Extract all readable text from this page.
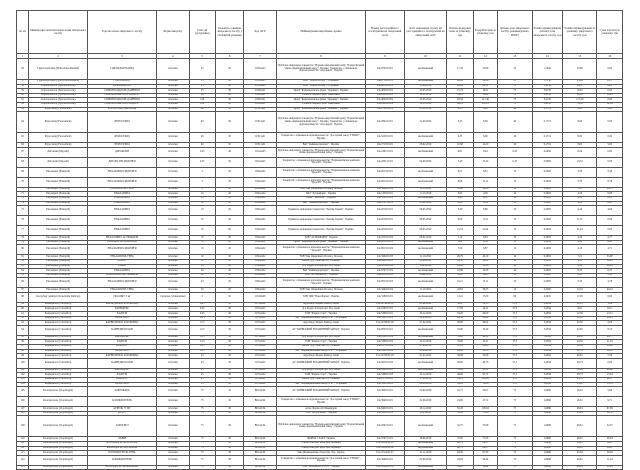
№ з/п	Міжнародна непатентована назва лікарського засобу	Торгова назва лікарського засобу	Форма випуску	Сила дії (дозування)	Кількість одиниць лікарського засобу у споживчій упаковці	Код АТХ	Найменування виробника, країна	Номер реєстраційного посвідчення на лікарський засіб	Дата закінчення строку дії реєстраційного посвідчення на лікарський засіб	Оптово-відпускна ціна за упаковку, грн	Роздрібна ціна за упаковку, грн	Добова доза лікарського засобу, рекомендована ВООЗ	Розмір відшкодування добової дози лікарського засобу, грн	Розмір відшкодування за упаковку лікарського засобу, грн	Сума доплати за упаковку, грн
1	2	3	4	5	6	7	8	9	10	11	12	13	14	15	16
56	Гідрохлортіазид (Hydrochlorothiazide)	ГІДРОХЛОРТІАЗИД	таблетки	25	20	C03AA03	Публічне акціонерне товариство "Науково-виробничий центр "Борщагівський хіміко-фармацевтичний завод", Україна; Товариство з обмеженою відповідальністю "Агрофарм", Україна	UA/6732/01/01	необмежений	17,59	23,69	25	1,1844	23,69	0,00
57	Гідрохлортіазид (Hydrochlorothiazide)	ГІПОТІАЗИД®	таблетки	25	20	C03AA03	ВАТ "Гедеон Ріхтер", Угорщина	UA/2756/01/01	необмежений	26,26	34,26	25	1,7130	23,69	10,57
58	Спіронолактон (Spironolactone)	ВЕРОШПІРОН	таблетки	25	20	C03DA01	ВАТ "Гедеон Ріхтер", Угорщина	UA/6858/01/01	15.06.2019	20,84	26,11	75	3,9158	26,11	0,00
59	Спіронолактон (Spironolactone)	СПІРОНОЛАКТОН-ДАРНИЦЯ	таблетки	25	30	C03DA01	ПрАТ "Фармацевтична фірма "Дарниця", Україна	UA/4094/01/01	20.05.2019	15,76	19,91	75	3,9158	19,91	0,00
60	Спіронолактон (Spironolactone)	СПІРОНОЛАКТОН САНДОЗ®	таблетки	50	20	C03DA01	Салютас Фарма ГмбХ, Німеччина	UA/2928/01/01	12.11.2019	55,61	70,09	75	3,9158	39,16	30,93
61	Спіронолактон (Spironolactone)	СПІРОНОЛАКТОН-ДАРНИЦЯ	таблетки	100	30	C03DA01	ПрАТ "Фармацевтична фірма "Дарниця", Україна	UA/4094/01/02	20.05.2019	93,56	117,40	75	3,9158	117,40	0,00
62	Спіронолактон (Spironolactone)	СПІРОНОЛАКТОН САНДОЗ®	таблетки	100	20	C03DA01	Салютас Фарма ГмбХ, Німеччина	UA/2928/01/02	12.11.2019	89,16	111,21	75	3,9158	78,32	32,89
63	Фуросемід (Furosemide)	ФУРОСЕМІД-ДАРНИЦЯ	таблетки	40	50	C03CA01	ПрАТ "Фармацевтична фірма "Дарниця", Україна	UA/2709/01/01	23.12.2019	6,35	8,00	40	0,1719	8,00	0,00
64	Фуросемід (Furosemide)	ФУРОСЕМІД	таблетки	40	50	C03CA01	Публічне акціонерне товариство "Науково-виробничий центр "Борщагівський хіміко-фармацевтичний завод", Україна; Товариство з обмеженою відповідальністю "Агрофарм", Україна	UA/2992/01/01	21.09.2020	6,35	8,00	40	0,1719	8,00	0,00
65	Фуросемід (Furosemide)	ФУРОСЕМІД	таблетки	40	50	C03CA01	Товариство з обмеженою відповідальністю "Дослідний завод "ГНЦЛС", Україна	UA/5250/01/01	необмежений	6,35	8,00	40	0,1719	8,00	0,00
66	Фуросемід (Furosemide)	ФУРОСЕМІД	таблетки	40	50	C03CA01	ВАТ "Київмедпрепарат", Україна	UA/2710/01/01	26.02.2019	10,68	14,20	40	0,1719	8,60	5,60
67	Дигоксин (Digoxin)	ДИГОКСИН	таблетки	0,25	40	C01AA05	Публічне акціонерне товариство "Науково-виробничий центр "Борщагівський хіміко-фармацевтичний завод", Україна	UA/2381/01/01	необмежений	6,81	8,24	0,25	0,2084	8,24	0,00
68	Дигоксин (Digoxin)	ДИГОКСИН-ЗДОРОВ'Я	таблетки	0,25	50	C01AA05	Товариство з обмеженою відповідальністю "Фармацевтична компанія "Здоров'я", Україна	UA/4331/01/01	04.09.2020	7,43	10,32	0,25	0,2084	10,32	0,00
69	Еналаприл (Enalapril)	ЕНАЛАПРИЛ-ЗДОРОВ'Я	таблетки	5	20	C09AA02	Товариство з обмеженою відповідальністю "Фармацевтична компанія "Здоров'я", Україна	UA/0913/01/01	необмежений	6,51	8,81	10	0,2082	3,33	5,48
70	Еналаприл (Enalapril)	ЕНАЛАПРИЛ-ЗДОРОВ'Я	таблетки	5	30	C09AA02	Товариство з обмеженою відповідальністю "Фармацевтична компанія "Здоров'я", Україна	UA/0913/01/01	необмежений	8,98	12,11	10	0,2082	3,33	8,78
71	Еналаприл (Enalapril)	ЕНАЛАПРИЛ-ТЕВА	таблетки	5	20	C09AA02	ТОВ Тева Оперейшнз Поланд, Польща	UA/3464/01/02	11.10.2022	18,60	22,26	10	0,2082	5,55	16,71
72	Еналаприл (Enalapril)	ЕНАЛАПРИЛ	таблетки	10	20	C09AA02	ПАТ "Лубнифарм", Україна	UA/1359/01/01	17.10.2019	3,92	4,56	10	0,2082	4,56	0,00
73	Еналаприл (Enalapril)	ЕНАЛАПРИЛ	таблетки	10	20	C09AA02	ПрАТ "Технолог", Україна	UA/5022/01/01	необмежений	8,40	11,37	10	0,2082	4,16	6,81
74	Еналаприл (Enalapril)	ЕНАЛАПРИЛ	таблетки	10	20	C09AA02	ВАТ "Київмедпрепарат", Україна	UA/0767/01/01	05.12.2019	8,20	11,11	10	0,2082	4,16	6,95
75	Еналаприл (Enalapril)	ЕНАЛАПРИЛ	таблетки	10	20	C09AA02	Приватне акціонерне товариство "Лекхім-Харків", Україна	UA/2018/01/01	06.05.2020	6,30	8,80	10	0,2082	4,16	4,64
76	Еналаприл (Enalapril)	ЕНАЛАПРИЛ	таблетки	10	50	C09AA02	Приватне акціонерне товариство "Лекхім-Харків", Україна	UA/2018/01/01	06.05.2020	9,00	11,51	10	0,2082	11,51	0,00
77	Еналаприл (Enalapril)	ЕНАЛАПРИЛ	таблетки	10	90	C09AA02	Приватне акціонерне товариство "Лекхім-Харків", Україна	UA/2018/01/01	06.05.2020	15,54	21,44	10	0,2082	21,44	0,00
78	Еналаприл (Enalapril)	ЕНАЛАПРИЛ-АСТРАФАРМ	таблетки	10	20	C09AA02	ТОВ "АСТРАФАРМ", Україна	UA/2223/01/02	08.02.2019	5,12	6,93	10	0,2082	4,16	2,77
79	Еналаприл (Enalapril)	ЕНАЛАПРИЛ-ДАРНИЦЯ	таблетки	10	20	C09AA02	ПрАТ "Фармацевтична фірма "Дарниця", Україна	UA/0030/01/01	необмежений	3,82	4,56	10	0,2082	4,56	0,00
80	Еналаприл (Enalapril)	ЕНАЛАПРИЛ-ЗДОРОВ'Я	таблетки	10	20	C09AA02	Товариство з обмеженою відповідальністю "Фармацевтична компанія "Здоров'я", Україна	UA/0913/01/02	необмежений	7,00	8,87	10	0,2082	4,16	4,71
81	Еналаприл (Enalapril)	ЕНАЛАПРИЛ-ТЕВА	таблетки	10	20	C09AA02	ТОВ Тева Оперейшнз Поланд, Польща	UA/3464/01/03	11.10.2022	29,79	40,20	10	0,2082	7,21	33,00
82	Еналаприл (Enalapril)	ЕНАП®	таблетки	10	20	C09AA02	КРКА, д.д., Ново место, Словенія	UA/2481/01/03	02.09.2021	18,50	22,60	10	0,2082	4,16	18,45
83	Еналаприл (Enalapril)	ЕНАМ	таблетки	10	20	C09AA02	Д-р Реддіс Лабораторіс Лтд, Індія	UA/0254/01/02	15.05.2020	24,86	30,18	10	0,2082	4,16	26,02
84	Еналаприл (Enalapril)	ЕНАЛАПРИЛ	таблетки	20	20	C09AA02	ВАТ "Київмедпрепарат", Україна	UA/0767/01/02	необмежений	10,89	14,58	10	0,2082	8,33	6,25
85	Еналаприл (Enalapril)	ЕНАЛАПРИЛ-АСТРАФАРМ	таблетки	20	20	C09AA02	ТОВ "АСТРАФАРМ", Україна	UA/2223/01/03	08.02.2019	8,00	10,63	10	0,2082	8,33	2,30
86	Еналаприл (Enalapril)	ЕНАЛАПРИЛ-ЗДОРОВ'Я	таблетки	20	20	C09AA02	Товариство з обмеженою відповідальністю "Фармацевтична компанія "Здоров'я", Україна	UA/0913/01/03	необмежений	10,21	13,11	10	0,2082	8,33	4,78
87	Еналаприл (Enalapril)	ЕНАЛАПРИЛ-ТЕВА	таблетки	20	20	C09AA02	ТОВ Тева Оперейшнз Поланд, Польща	UA/3464/01/04	11.10.2022	43,65	58,03	10	0,2082	14,24	44,24
88	Ізосорбіду динітрат (Isosorbide dinitrate)	ІЗО-МІК® 5 мг	таблетки сублінгвальні	5	50	C01DA08	ТОВ "ФФ "Нова Фарма", Україна	UA/3180/01/01	необмежений	13,22	17,09	60	4,2945	17,09	0,00
89	Карведилол (Carvedilol)	КАРВЕДИЛОЛ АУРОБІНДО	таблетки	6,25	30	C07AG02	Ауробіндо Фарма Лімітед, Індія	UA/12796/01/01	01.02.2022	9,00	12,13	37,5	3,4584	12,13	1,36
90	Карведилол (Carvedilol)	КАРВІДЕКС	таблетки	6,25	30	C07AG02	Д-р Реддіс Лабораторіс Лтд, Індія	UA/0182/01/01	необмежений	17,90	24,21	37,5	3,4584	8,61	16,11
91	Карведилол (Carvedilol)	КАРІУМ	таблетки	6,25	30	C07AG02	ТОВ "Фарма Старт", Україна	UA/5366/01/01	24.12.2019	19,20	26,00	37,5	3,4584	12,50	13,51
92	Карведилол (Carvedilol)	ТАЛЛІТОН®	таблетки	6,25	28	C07AG02	ЗАТ "Фармацевтичний завод ЕГІС", Угорщина	UA/3181/01/01	02.08.2018	24,39	32,64	37,5	3,4584	12,10	20,91
93	Карведилол (Carvedilol)	КАРВЕДИЛОЛ АУРОБІНДО	таблетки	12,5	30	C07AG02	Ауробіндо Фарма Лімітед, Індія	UA/12796/01/02	01.02.2022	20,00	26,04	37,5	3,4584	24,30	2,08
94	Карведилол (Carvedilol)	КАРВЕДИЛОЛ-КВ	таблетки	12,5	30	C07AG02	АТ "КИЇВСЬКИЙ ВІТАМІННИЙ ЗАВОД", Україна	UA/0655/01/01	необмежений	24,00	32,49	37,5	3,4584	24,30	8,13
95	Карведилол (Carvedilol)	КАРВІДЕКС	таблетки	12,5	30	C07AG02	Д-р Реддіс Лабораторіс Лтд, Індія	UA/0182/01/02	необмежений	35,80	48,54	37,5	3,4584	24,30	24,77
96	Карведилол (Carvedilol)	КАРІУМ	таблетки	12,5	30	C07AG02	ТОВ "Фарма Старт", Україна	UA/5366/01/02	24.12.2019	33,00	45,31	37,5	3,4584	24,30	21,01
97	Карведилол (Carvedilol)	КОРІОЛ®	таблетки	12,5	28	C07AG02	КРКА, д.д., Ново место, Словенія	UA/2173/01/02	27.06.2019	47,20	64,00	37,5	3,4584	22,68	39,98
98	Карведилол (Carvedilol)	ТАЛЛІТОН®	таблетки	12,5	28	C07AG02	ЗАТ "Фармацевтичний завод ЕГІС", Угорщина	UA/3181/01/02	02.08.2018	43,96	58,25	37,5	3,4584	22,79	34,65
99	Карведилол (Carvedilol)	КАРВЕДИЛОЛ АУРОБІНДО	таблетки	25	30	C07AG02	Ауробіндо Фарма Лімітед, Індія	UA/12796/01/03	01.02.2022	39,96	54,09	37,5	3,4584	48,61	5,56
100	Карведилол (Carvedilol)	КАРВЕДИЛОЛ-КВ	таблетки	25	30	C07AG02	АТ "КИЇВСЬКИЙ ВІТАМІННИЙ ЗАВОД", Україна	UA/0655/01/02	необмежений	36,00	48,73	37,5	3,4584	48,73	0,00
101	Карведилол (Carvedilol)	КАРВІДЕКС	таблетки	25	30	C07AG02	Д-р Реддіс Лабораторіс Лтд, Індія	UA/0182/01/03	необмежений	70,29	95,11	37,5	3,4584	32,49	64,60
102	Карведилол (Carvedilol)	КАРІУМ	таблетки	25	30	C07AG02	ТОВ "Фарма Старт", Україна	UA/5366/01/03	24.12.2019	48,00	62,72	37,5	3,4584	48,73	13,04
103	Карведилол (Carvedilol)	КОРІОЛ®	таблетки	25	28	C07AG02	КРКА, д.д., Ново место, Словенія	UA/2173/01/03	27.06.2019	85,21	108,00	37,5	3,4584	45,51	62,37
104	Карведилол (Carvedilol)	ТАЛЛІТОН®	таблетки	25	28	C07AG02	ЗАТ "Фармацевтичний завод ЕГІС", Угорщина	UA/3181/01/03	02.08.2018	58,22	78,88	37,5	3,4584	45,48	33,51
105	Клопідогрель (Clopidogrel)	АТЕРОКАРД	таблетки	75	10	B01AC04	АТ "КИЇВСЬКИЙ ВІТАМІННИЙ ЗАВОД", Україна	UA/3930/01/01	02.04.2020	16,75	22,67	75	1,6086	16,61	5,66
106	Клопідогрель (Clopidogrel)	КЛОПІДОГРЕЛЬ	таблетки	75	10	B01AC04	Товариство з обмеженою відповідальністю "Дослідний завод "ГНЦЛС", Україна	UA/3949/01/01	02.09.2020	19,00	25,72	75	1,6086	16,61	9,71
107	Клопідогрель (Clopidogrel)	АГРЕЛЬ 75 МГ	таблетки	75	30	B01AC04	Асіно Фарма АГ, Швейцарія	UA/6400/01/01	29.12.2020	81,20	109,91	75	1,6086	48,61	67,09
108	Клопідогрель (Clopidogrel)	ЗИЛТ®	таблетки	75	28	B01AC04	ТОВ "Кусум Фарм", Україна	UA/3102/01/01	21.03.2021	55,80	75,56	75	1,6086	45,04	30,52
109	Клопідогрель (Clopidogrel)	АТРОГРЕЛ	таблетки	75	30	B01AC04	Публічне акціонерне товариство "Науково-виробничий центр "Борщагівський хіміко-фармацевтичний завод", Україна	UA/4567/01/01	необмежений	52,37	70,89	75	1,6086	48,61	22,07
110	Клопідогрель (Clopidogrel)	ЛАВІН	таблетки	75	30	B01AC04	ФАРМА СТАРТ, Україна	UA/3787/01/01	16.06.2019	57,65	77,06	75	1,6086	48,61	29,04
111	Клопідогрель (Clopidogrel)	КЛОПІДОГРЕЛЬ-ЗЕНТІВА	таблетки	75	30	B01AC04	Санофі Вінтроп Індастріа, Франція	UA/13202/01/01	необмежений	62,75	84,37	75	1,6086	48,61	34,67
112	Клопідогрель (Clopidogrel)	КЛОПІДОГРЕЛЬ-САНОФІ	таблетки	75	30	B01AC04	Санофі Вінтроп Індастріа, Франція	UA/13202/01/02	необмежений	62,75	84,37	75	1,6086	48,61	34,67
113	Клопідогрель (Clopidogrel)	КЛОПІДОГРЕЛЬ-ТЕВА	таблетки	75	28	B01AC04	Тева Фармацевтікал Індастріз Лтд., Ізраїль	UA/11314/01/01	21.11.2019	64,50	87,30	75	1,6086	45,04	39,28
114	Клопідогрель (Clopidogrel)	КЛОПІДОГРЕЛЬ	таблетки	75	30	B01AC04	Товариство з обмеженою відповідальністю "Дослідний завод "ГНЦЛС", Україна	UA/3949/01/01	02.09.2020	43,93	59,44	75	1,6086	48,61	11,44
115	Клопідогрель (Clopidogrel)	КЛОПІДОГРЕЛЬ-ФАРМЕКС	таблетки	75	30	B01AC04	ТОВ "ФАРМЕКС ГРУП", Україна	UA/13469/01/01	необмежений	43,93	59,44	75	1,6086	48,61	11,44
